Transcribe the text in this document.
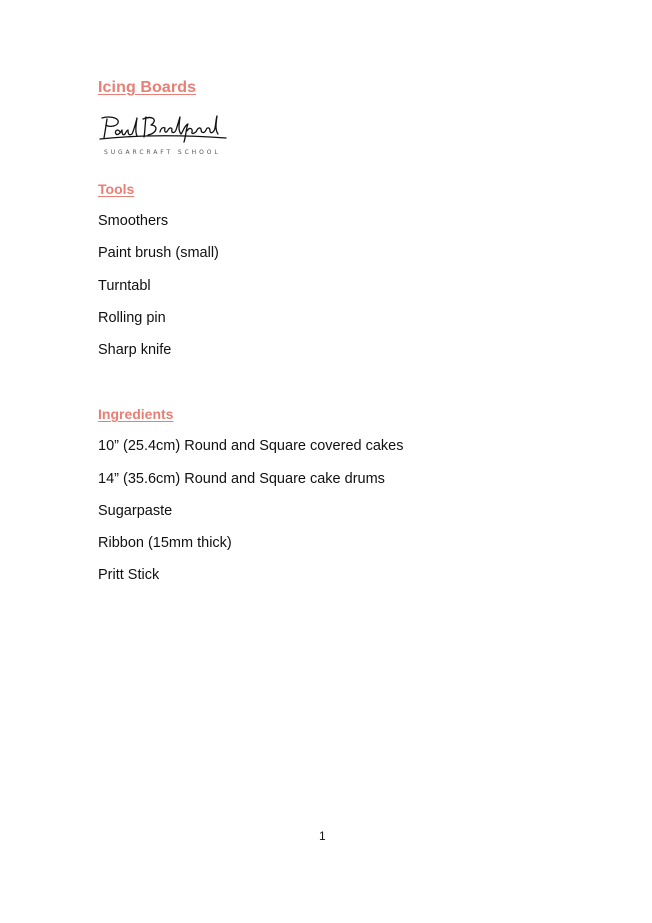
Icing Boards
SUGARCRAFT SCHOOL
Tools
Smoothers
Paint brush (small)
Turntabl
Rolling pin
Sharp knife
Ingredients
10” (25.4cm) Round and Square covered cakes
14” (35.6cm) Round and Square cake drums
Sugarpaste
Ribbon (15mm thick)
Pritt Stick
1
